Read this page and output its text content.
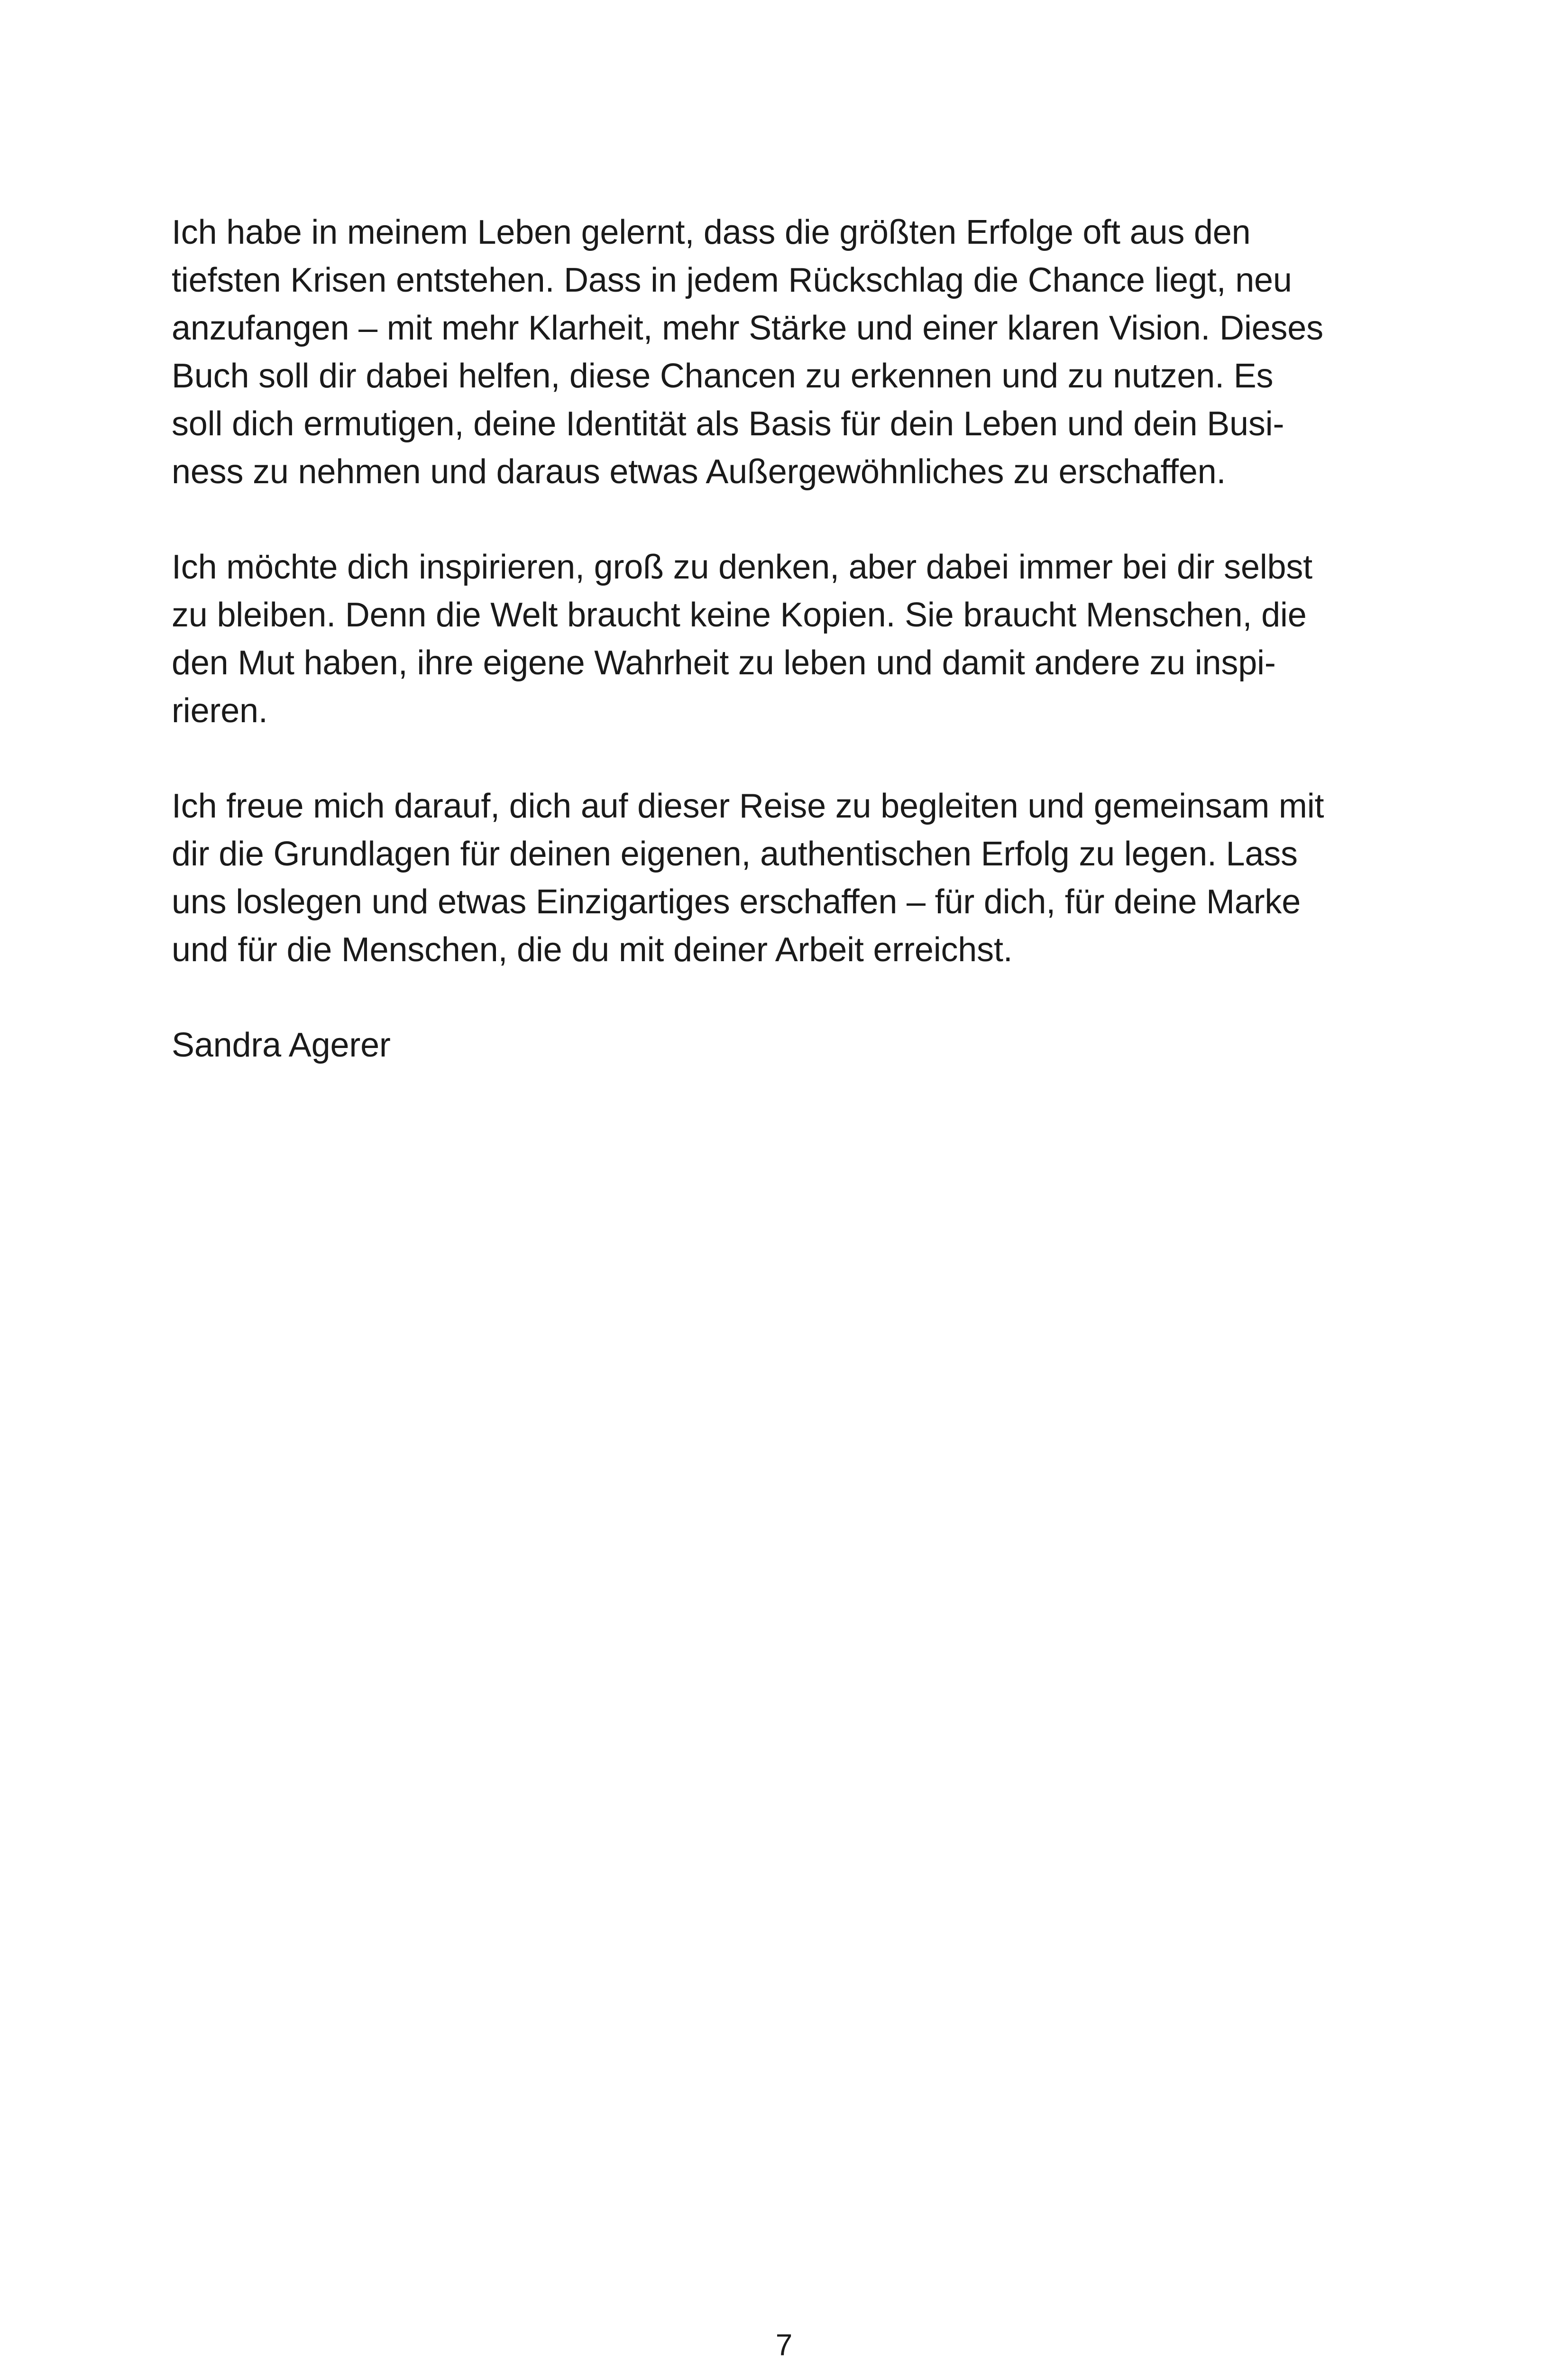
Ich habe in meinem Leben gelernt, dass die größten Erfolge oft aus den
tiefsten Krisen entstehen. Dass in jedem Rückschlag die Chance liegt, neu
anzufangen – mit mehr Klarheit, mehr Stärke und einer klaren Vision. Dieses
Buch soll dir dabei helfen, diese Chancen zu erkennen und zu nutzen. Es
soll dich ermutigen, deine Identität als Basis für dein Leben und dein Busi-
ness zu nehmen und daraus etwas Außergewöhnliches zu erschaffen.

Ich möchte dich inspirieren, groß zu denken, aber dabei immer bei dir selbst
zu bleiben. Denn die Welt braucht keine Kopien. Sie braucht Menschen, die
den Mut haben, ihre eigene Wahrheit zu leben und damit andere zu inspi-
rieren.

Ich freue mich darauf, dich auf dieser Reise zu begleiten und gemeinsam mit
dir die Grundlagen für deinen eigenen, authentischen Erfolg zu legen. Lass
uns loslegen und etwas Einzigartiges erschaffen – für dich, für deine Marke
und für die Menschen, die du mit deiner Arbeit erreichst.

Sandra Agerer

7
